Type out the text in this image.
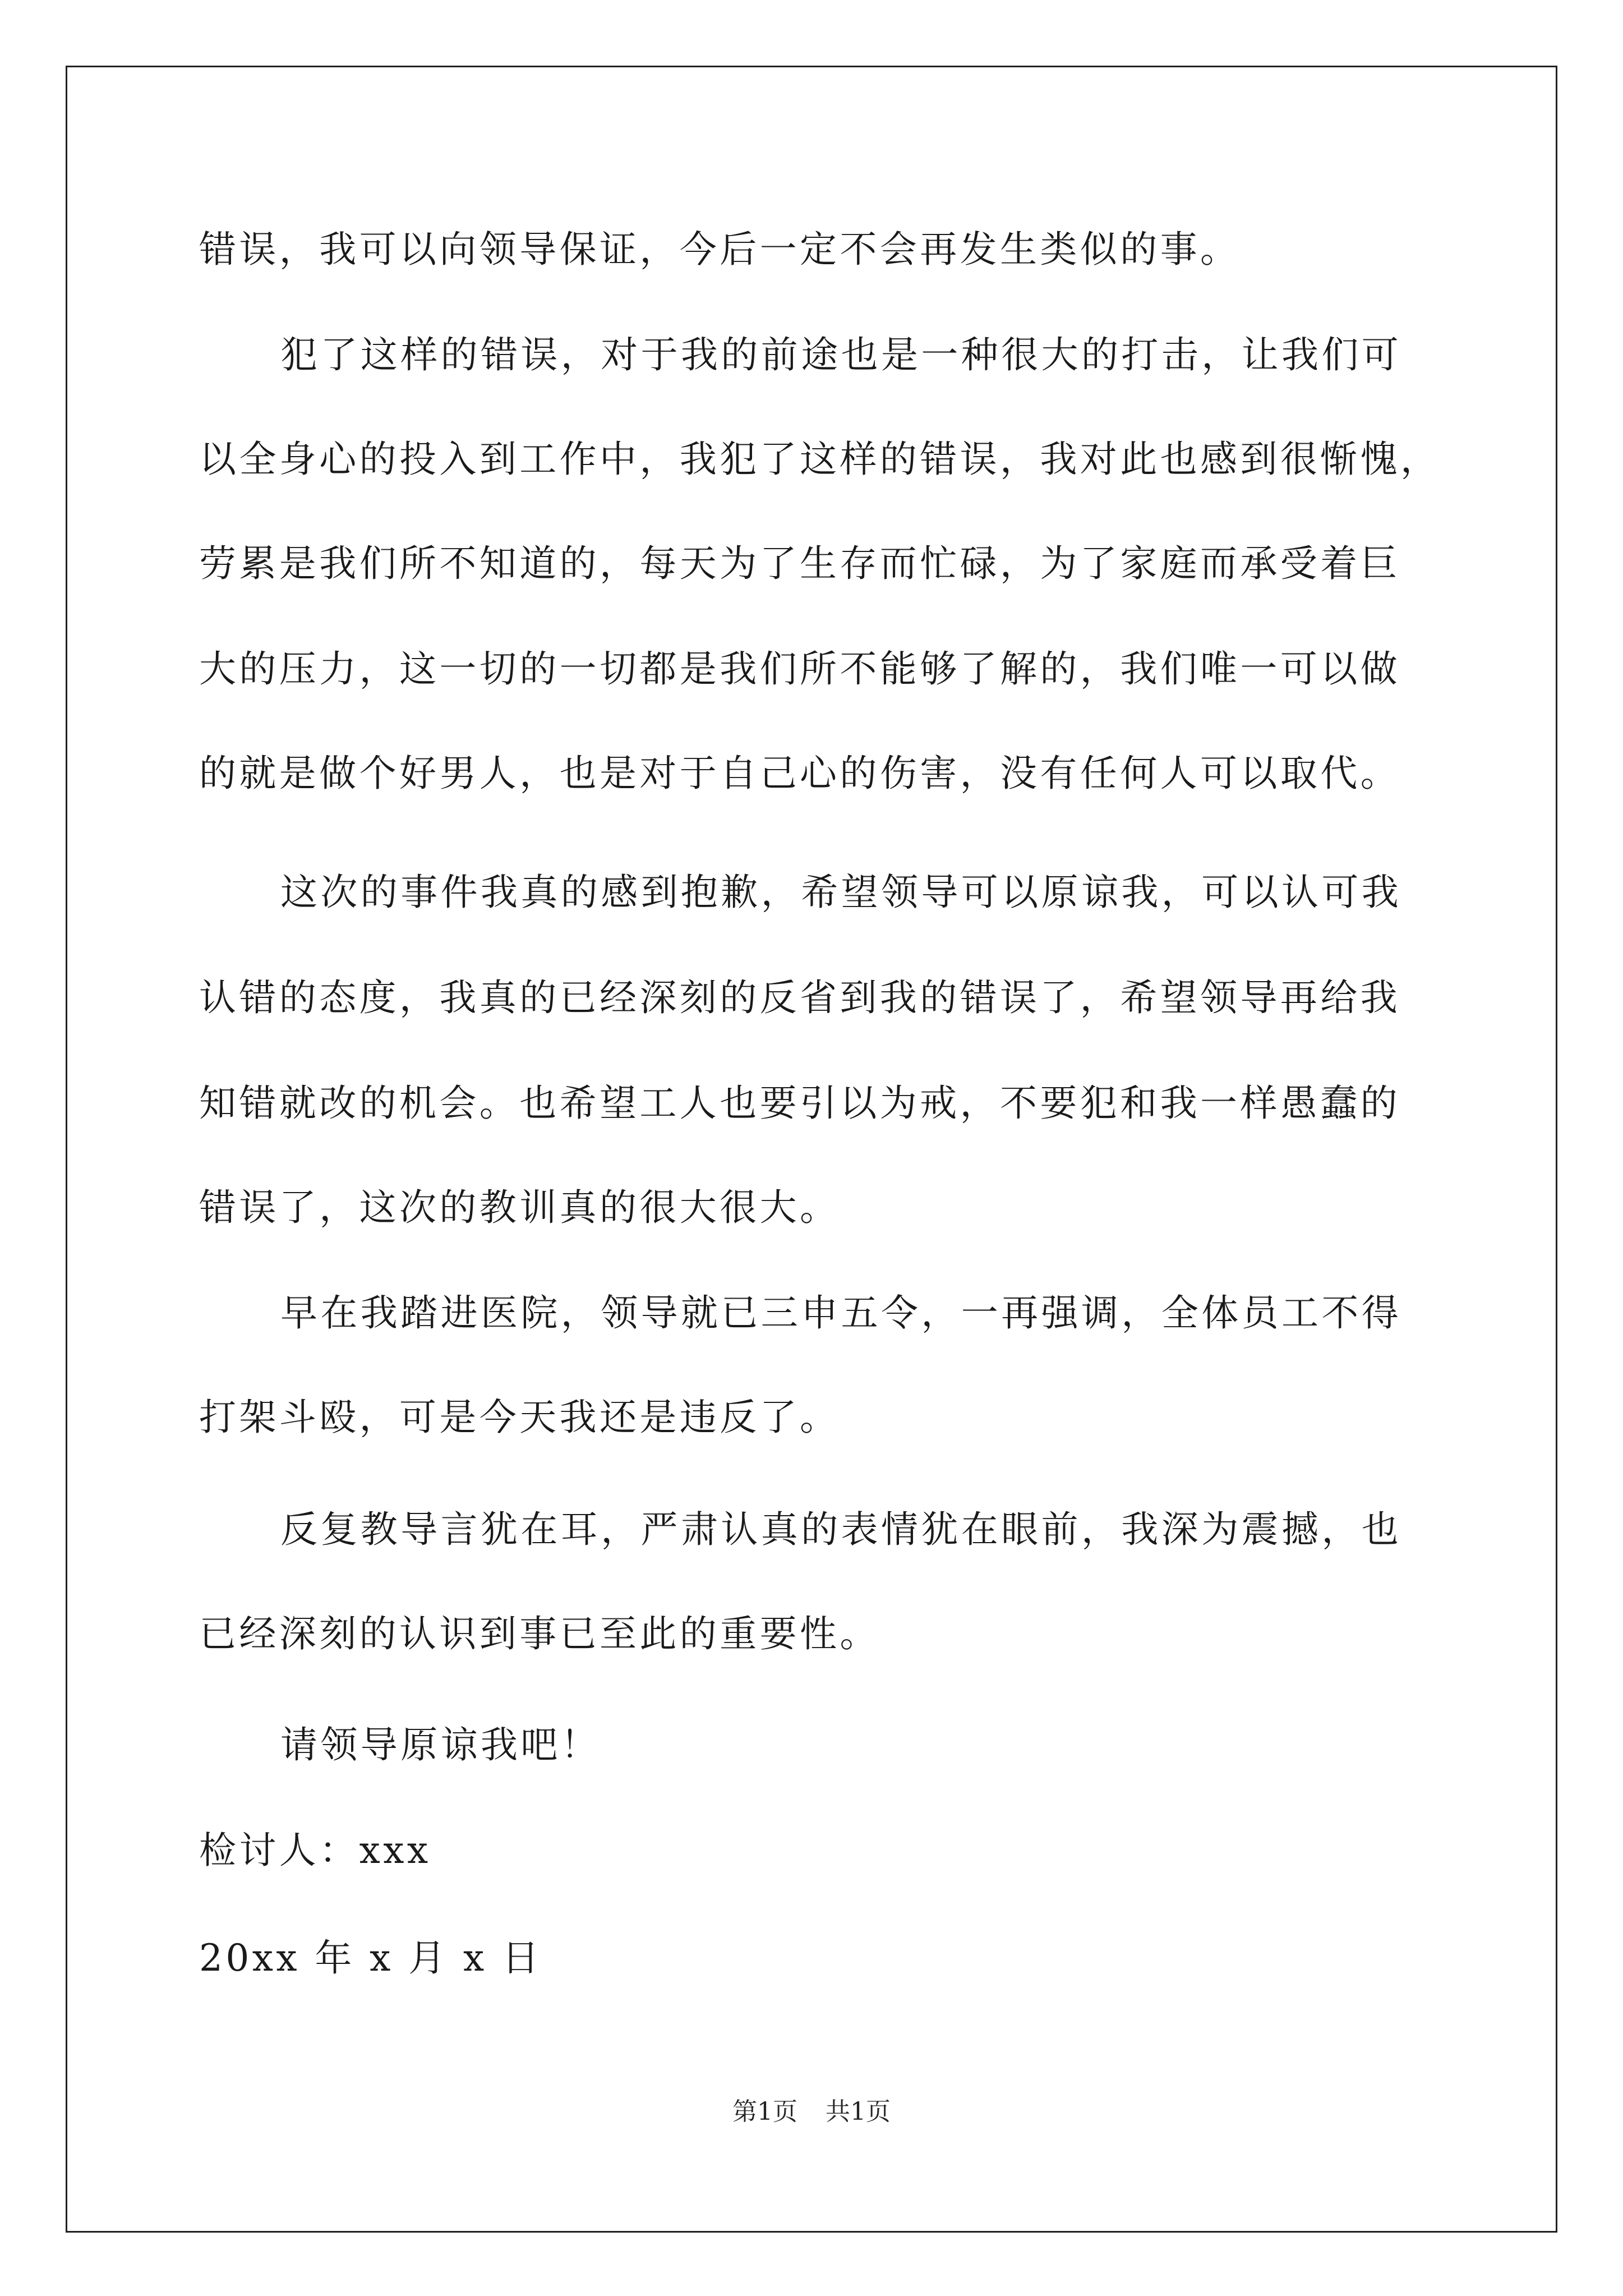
错误，我可以向领导保证，今后一定不会再发生类似的事。
犯了这样的错误，对于我的前途也是一种很大的打击，让我们可
以全身心的投入到工作中，我犯了这样的错误，我对此也感到很惭愧，
劳累是我们所不知道的，每天为了生存而忙碌，为了家庭而承受着巨
大的压力，这一切的一切都是我们所不能够了解的，我们唯一可以做
的就是做个好男人，也是对于自己心的伤害，没有任何人可以取代。
这次的事件我真的感到抱歉，希望领导可以原谅我，可以认可我
认错的态度，我真的已经深刻的反省到我的错误了，希望领导再给我
知错就改的机会。也希望工人也要引以为戒，不要犯和我一样愚蠢的
错误了，这次的教训真的很大很大。
早在我踏进医院，领导就已三申五令，一再强调，全体员工不得
打架斗殴，可是今天我还是违反了。
反复教导言犹在耳，严肃认真的表情犹在眼前，我深为震撼，也
已经深刻的认识到事已至此的重要性。
请领导原谅我吧！
检讨人：xxx
20xx 年 x 月 x 日
第1页 共1页
